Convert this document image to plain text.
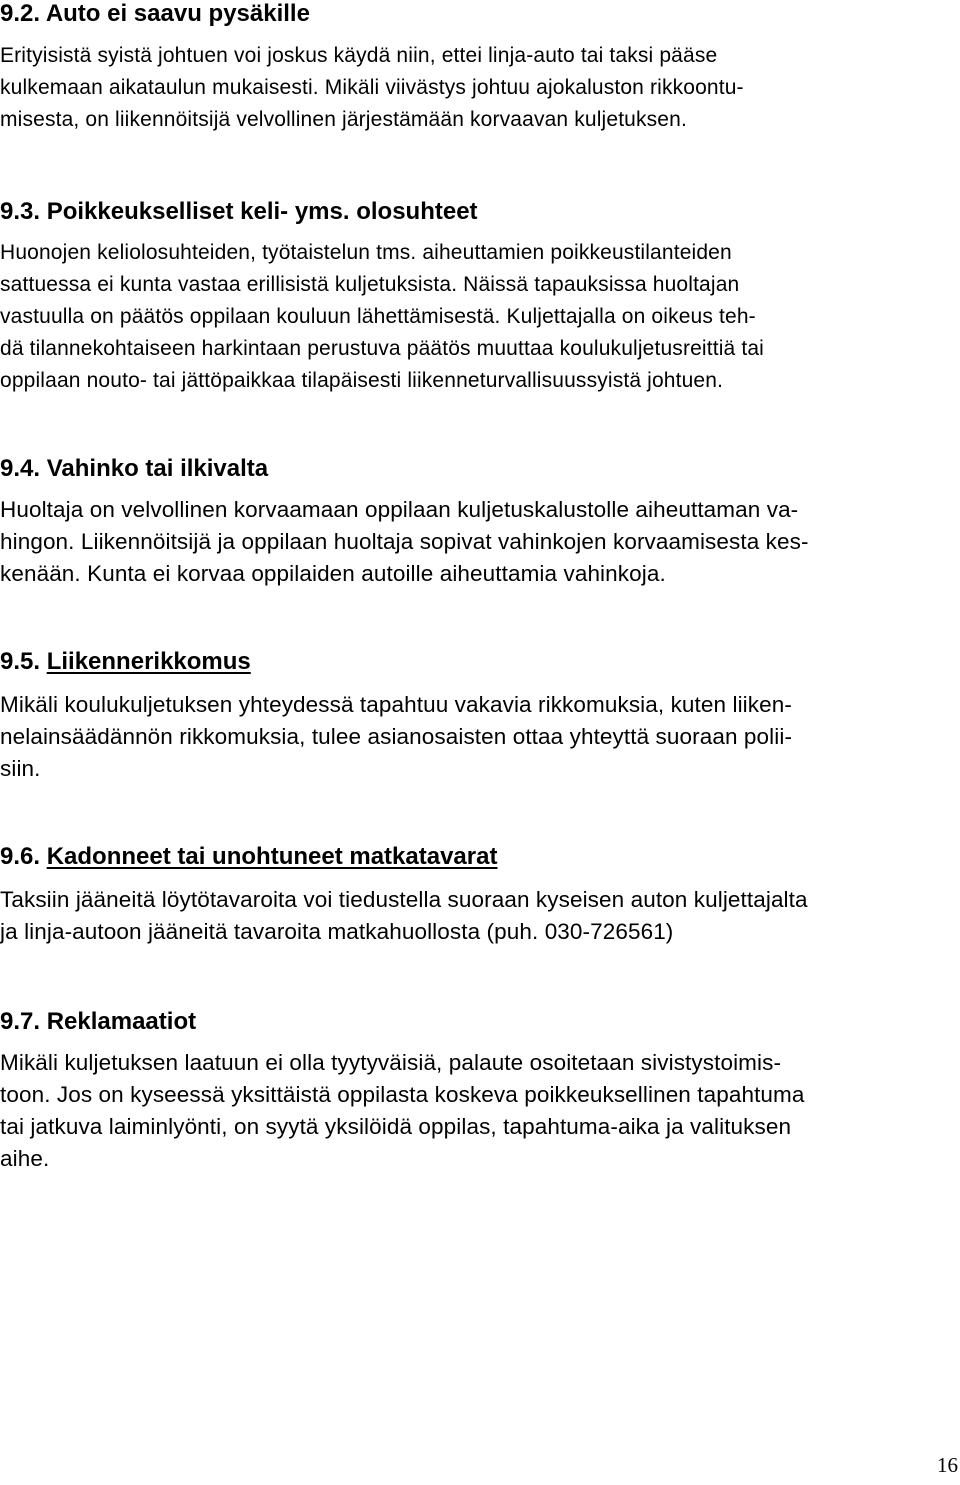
9.2. Auto ei saavu pysäkille
Erityisistä syistä johtuen voi joskus käydä niin, ettei linja-auto tai taksi pääse
kulkemaan aikataulun mukaisesti. Mikäli viivästys johtuu ajokaluston rikkoontu-
misesta, on liikennöitsijä velvollinen järjestämään korvaavan kuljetuksen.
9.3. Poikkeukselliset keli- yms. olosuhteet
Huonojen keliolosuhteiden, työtaistelun tms. aiheuttamien poikkeustilanteiden
sattuessa ei kunta vastaa erillisistä kuljetuksista. Näissä tapauksissa huoltajan
vastuulla on päätös oppilaan kouluun lähettämisestä. Kuljettajalla on oikeus teh-
dä tilannekohtaiseen harkintaan perustuva päätös muuttaa koulukuljetusreittiä tai
oppilaan nouto- tai jättöpaikkaa tilapäisesti liikenneturvallisuussyistä johtuen.
9.4. Vahinko tai ilkivalta
Huoltaja on velvollinen korvaamaan oppilaan kuljetuskalustolle aiheuttaman va-
hingon. Liikennöitsijä ja oppilaan huoltaja sopivat vahinkojen korvaamisesta kes-
kenään. Kunta ei korvaa oppilaiden autoille aiheuttamia vahinkoja.
9.5. Liikennerikkomus
Mikäli koulukuljetuksen yhteydessä tapahtuu vakavia rikkomuksia, kuten liiken-
nelainsäädännön rikkomuksia, tulee asianosaisten ottaa yhteyttä suoraan polii-
siin.
9.6. Kadonneet tai unohtuneet matkatavarat
Taksiin jääneitä löytötavaroita voi tiedustella suoraan kyseisen auton kuljettajalta
ja linja-autoon jääneitä tavaroita matkahuollosta (puh. 030-726561)
9.7. Reklamaatiot
Mikäli kuljetuksen laatuun ei olla tyytyväisiä, palaute osoitetaan sivistystoimis-
toon. Jos on kyseessä yksittäistä oppilasta koskeva poikkeuksellinen tapahtuma
tai jatkuva laiminlyönti, on syytä yksilöidä oppilas, tapahtuma-aika ja valituksen
aihe.
16
